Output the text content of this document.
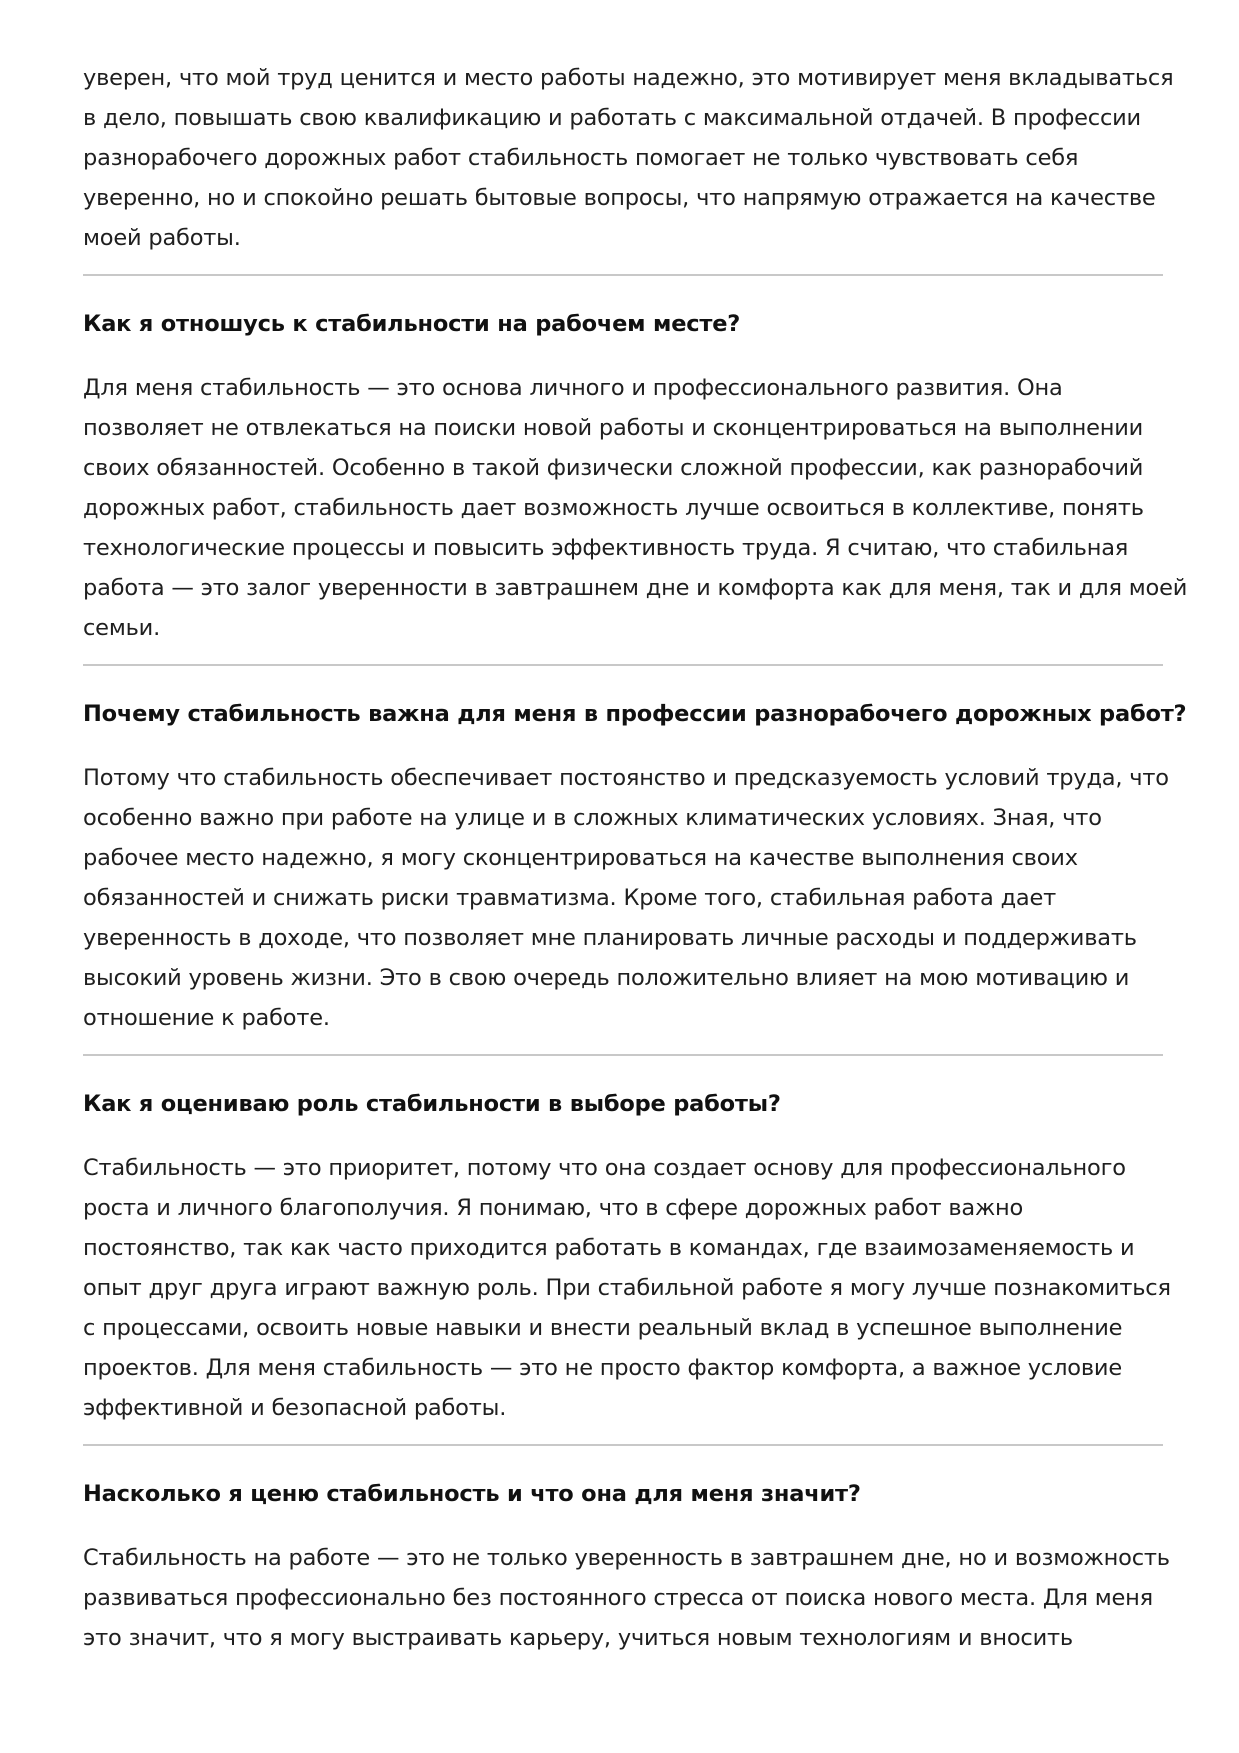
уверен, что мой труд ценится и место работы надежно, это мотивирует меня вкладываться
в дело, повышать свою квалификацию и работать с максимальной отдачей. В профессии
разнорабочего дорожных работ стабильность помогает не только чувствовать себя
уверенно, но и спокойно решать бытовые вопросы, что напрямую отражается на качестве
моей работы.

Как я отношусь к стабильности на рабочем месте?

Для меня стабильность — это основа личного и профессионального развития. Она
позволяет не отвлекаться на поиски новой работы и сконцентрироваться на выполнении
своих обязанностей. Особенно в такой физически сложной профессии, как разнорабочий
дорожных работ, стабильность дает возможность лучше освоиться в коллективе, понять
технологические процессы и повысить эффективность труда. Я считаю, что стабильная
работа — это залог уверенности в завтрашнем дне и комфорта как для меня, так и для моей
семьи.

Почему стабильность важна для меня в профессии разнорабочего дорожных работ?

Потому что стабильность обеспечивает постоянство и предсказуемость условий труда, что
особенно важно при работе на улице и в сложных климатических условиях. Зная, что
рабочее место надежно, я могу сконцентрироваться на качестве выполнения своих
обязанностей и снижать риски травматизма. Кроме того, стабильная работа дает
уверенность в доходе, что позволяет мне планировать личные расходы и поддерживать
высокий уровень жизни. Это в свою очередь положительно влияет на мою мотивацию и
отношение к работе.

Как я оцениваю роль стабильности в выборе работы?

Стабильность — это приоритет, потому что она создает основу для профессионального
роста и личного благополучия. Я понимаю, что в сфере дорожных работ важно
постоянство, так как часто приходится работать в командах, где взаимозаменяемость и
опыт друг друга играют важную роль. При стабильной работе я могу лучше познакомиться
с процессами, освоить новые навыки и внести реальный вклад в успешное выполнение
проектов. Для меня стабильность — это не просто фактор комфорта, а важное условие
эффективной и безопасной работы.

Насколько я ценю стабильность и что она для меня значит?

Стабильность на работе — это не только уверенность в завтрашнем дне, но и возможность
развиваться профессионально без постоянного стресса от поиска нового места. Для меня
это значит, что я могу выстраивать карьеру, учиться новым технологиям и вносить
